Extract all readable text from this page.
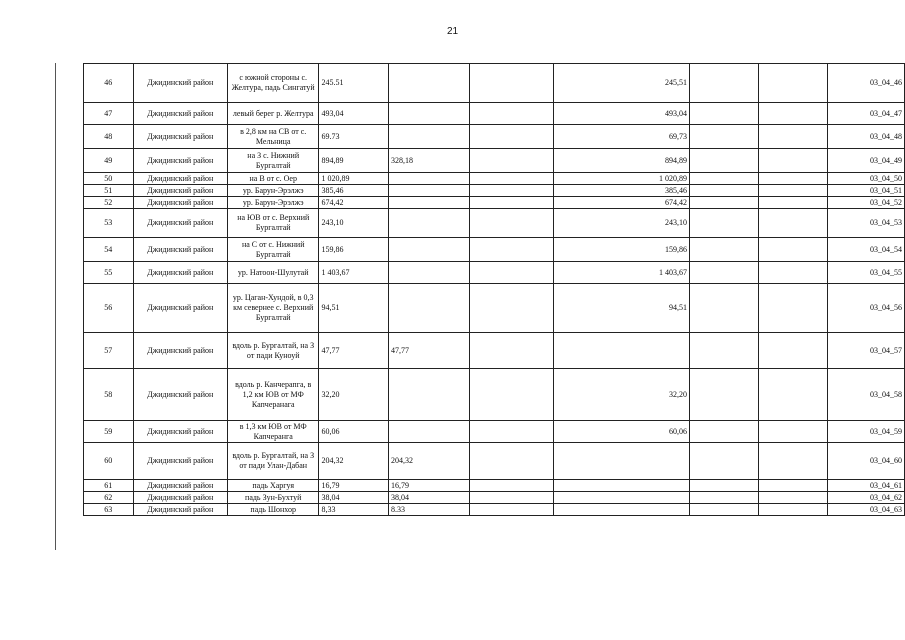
21
46	Джидинский район	с южной стороны с. Желтура, падь Сингатуй	245.51			245,51			03_04_46
47	Джидинский район	левый берег р. Желтура	493,04			493,04			03_04_47
48	Джидинский район	в 2,8 км на СВ от с. Мельница	69.73			69,73			03_04_48
49	Джидинский район	на З с. Нижний Бургалтай	894,89	328,18		894,89			03_04_49
50	Джидинский район	на В от с. Оер	1 020,89			1 020,89			03_04_50
51	Джидинский район	ур. Барун-Эрэлжэ	385,46			385,46			03_04_51
52	Джидинский район	ур. Барун-Эрэлжэ	674,42			674,42			03_04_52
53	Джидинский район	на ЮВ от с. Верхний Бургалтай	243,10			243,10			03_04_53
54	Джидинский район	на С от с. Нижний Бургалтай	159,86			159,86			03_04_54
55	Джидинский район	ур. Натоон-Шулутай	1 403,67			1 403,67			03_04_55
56	Джидинский район	ур. Цаган-Хундой, в 0,3 км севернее с. Верхний Бургалтай	94,51			94,51			03_04_56
57	Джидинский район	вдоль р. Бургалтай, на З от пади Куноуй	47,77	47,77					03_04_57
58	Джидинский район	вдоль р. Канчерапга, в 1,2 км ЮВ от МФ Капчеранага	32,20			32,20			03_04_58
59	Джидинский район	в 1,3 км ЮВ от МФ Капчеранга	60,06			60,06			03_04_59
60	Джидинский район	вдоль р. Бургалтай, на З от пади Улан-Дабан	204,32	204,32					03_04_60
61	Джидинский район	падь Харгуя	16,79	16,79					03_04_61
62	Джидинский район	падь Зун-Бухтуй	38,04	38,04					03_04_62
63	Джидинский район	падь Шонхор	8,33	8.33					03_04_63
